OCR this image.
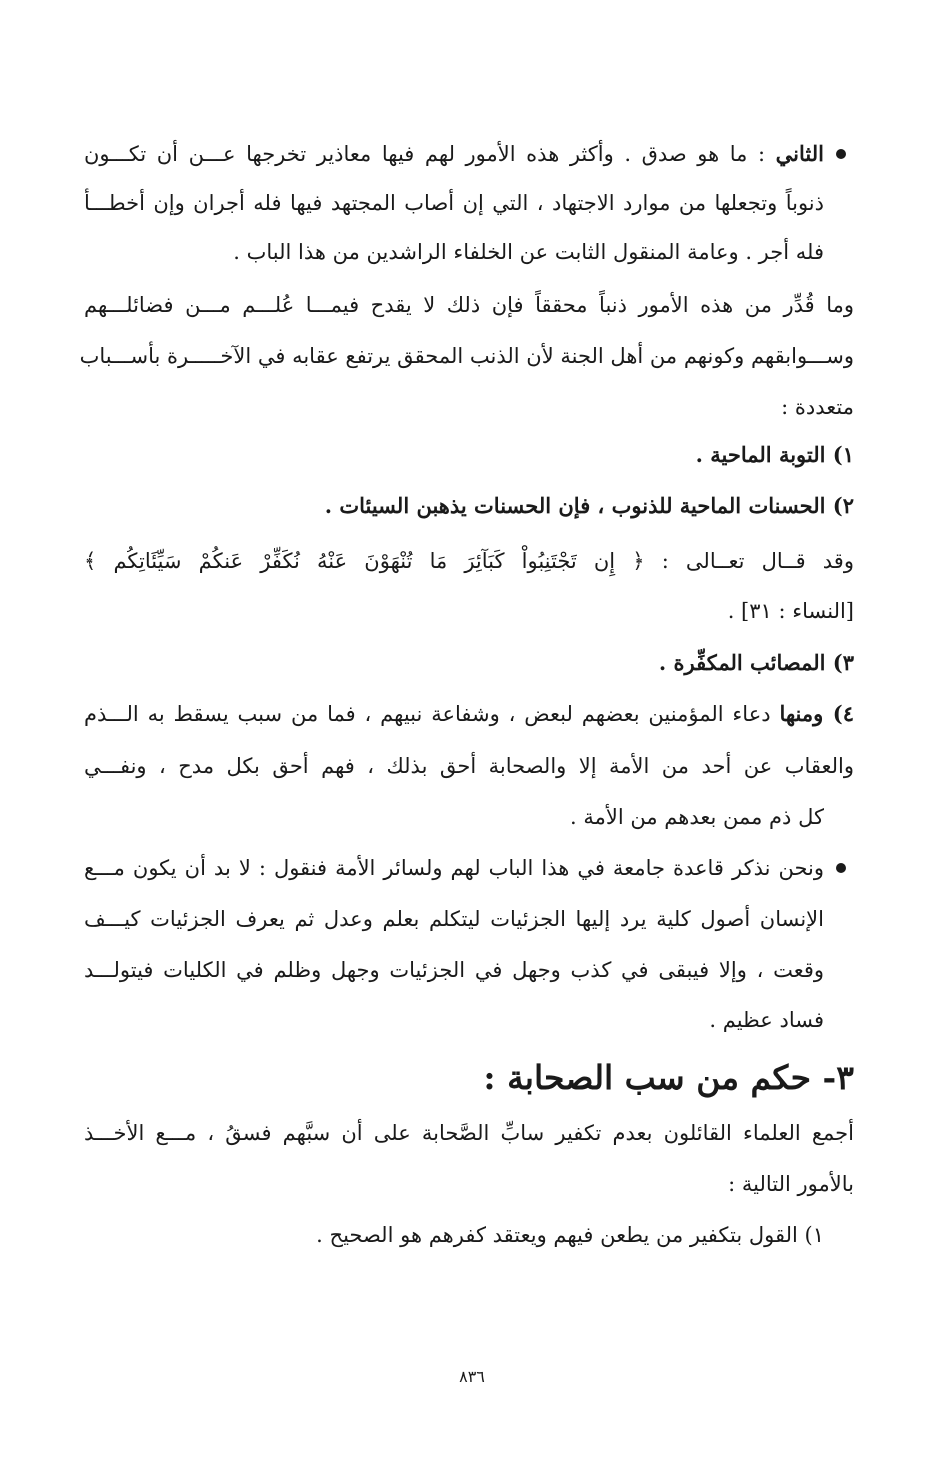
الثاني : ما هو صدق . وأكثر هذه الأمور لهم فيها معاذير تخرجها عـــن أن تكـــون
ذنوباً وتجعلها من موارد الاجتهاد ، التي إن أصاب المجتهد فيها فله أجران وإن أخطـــأ
فله أجر . وعامة المنقول الثابت عن الخلفاء الراشدين من هذا الباب .
وما قُدِّر من هذه الأمور ذنباً محققاً فإن ذلك لا يقدح فيمـــا عُلـــم مـــن فضائلـــهم
وســـوابقهم وكونهم من أهل الجنة لأن الذنب المحقق يرتفع عقابه في الآخـــــرة بأســـباب
متعددة :
١) التوبة الماحية .
٢) الحسنات الماحية للذنوب ، فإن الحسنات يذهبن السيئات .
وقد قــال تعــالى : ﴿ إِن تَجْتَنِبُواْ كَبَآئِرَ مَا تُنْهَوْنَ عَنْهُ نُكَفِّرْ عَنكُمْ سَيِّئَاتِكُم ﴾
[النساء : ٣١] .
٣) المصائب المكفِّرة .
٤) ومنها دعاء المؤمنين بعضهم لبعض ، وشفاعة نبيهم ، فما من سبب يسقط به الـــذم
والعقاب عن أحد من الأمة إلا والصحابة أحق بذلك ، فهم أحق بكل مدح ، ونفـــي
كل ذم ممن بعدهم من الأمة .
ونحن نذكر قاعدة جامعة في هذا الباب لهم ولسائر الأمة فنقول : لا بد أن يكون مـــع
الإنسان أصول كلية يرد إليها الجزئيات ليتكلم بعلم وعدل ثم يعرف الجزئيات كيـــف
وقعت ، وإلا فيبقى في كذب وجهل في الجزئيات وجهل وظلم في الكليات فيتولـــد
فساد عظيم .
٣- حكم من سب الصحابة :
أجمع العلماء القائلون بعدم تكفير سابِّ الصَّحابة على أن سبَّهم فسقُ ، مـــع الأخـــذ
بالأمور التالية :
١) القول بتكفير من يطعن فيهم ويعتقد كفرهم هو الصحيح .
٨٣٦
